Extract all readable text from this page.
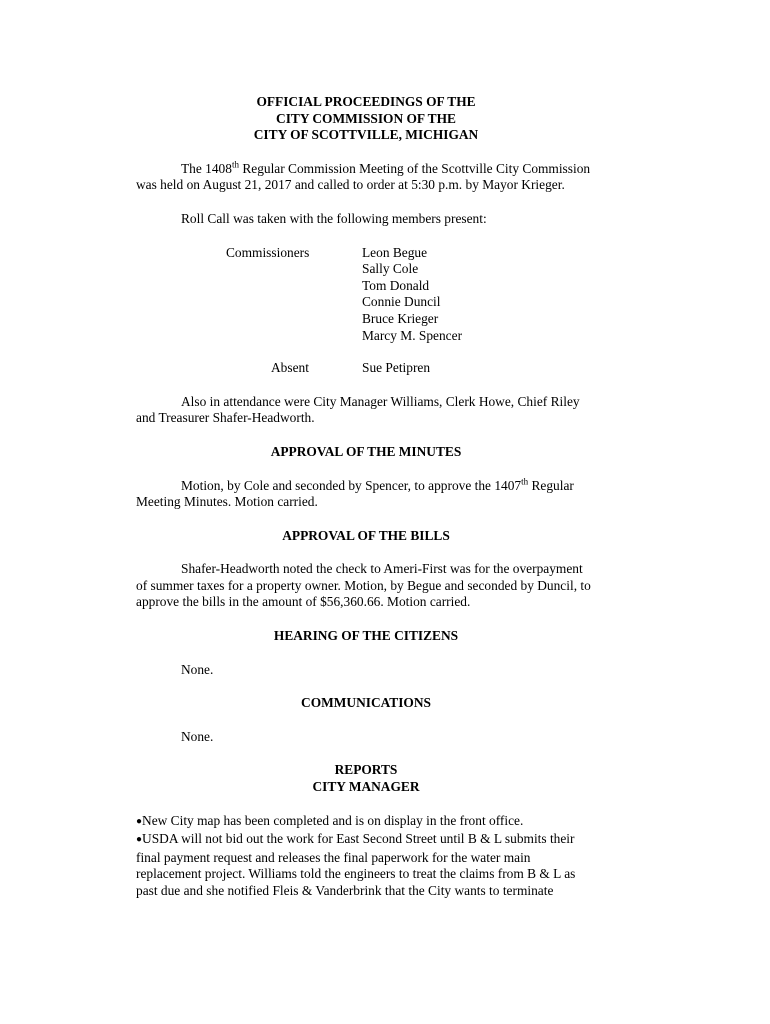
OFFICIAL PROCEEDINGS OF THE

CITY COMMISSION OF THE

CITY OF SCOTTVILLE, MICHIGAN

The 1408th Regular Commission Meeting of the Scottville City Commission was held on August 21, 2017 and called to order at 5:30 p.m. by Mayor Krieger.

Roll Call was taken with the following members present:

Commissioners	Leon Begue
Sally Cole
Tom Donald
Connie Duncil
Bruce Krieger
Marcy M. Spencer
Absent	Sue Petipren

Also in attendance were City Manager Williams, Clerk Howe, Chief Riley and Treasurer Shafer-Headworth.

APPROVAL OF THE MINUTES

Motion, by Cole and seconded by Spencer, to approve the 1407th Regular Meeting Minutes. Motion carried.

APPROVAL OF THE BILLS

Shafer-Headworth noted the check to Ameri-First was for the overpayment of summer taxes for a property owner. Motion, by Begue and seconded by Duncil, to approve the bills in the amount of $56,360.66. Motion carried.

HEARING OF THE CITIZENS

None.

COMMUNICATIONS

None.

REPORTS

CITY MANAGER

● New City map has been completed and is on display in the front office.

● USDA will not bid out the work for East Second Street until B & L submits their final payment request and releases the final paperwork for the water main replacement project. Williams told the engineers to treat the claims from B & L as past due and she notified Fleis & Vanderbrink that the City wants to terminate
